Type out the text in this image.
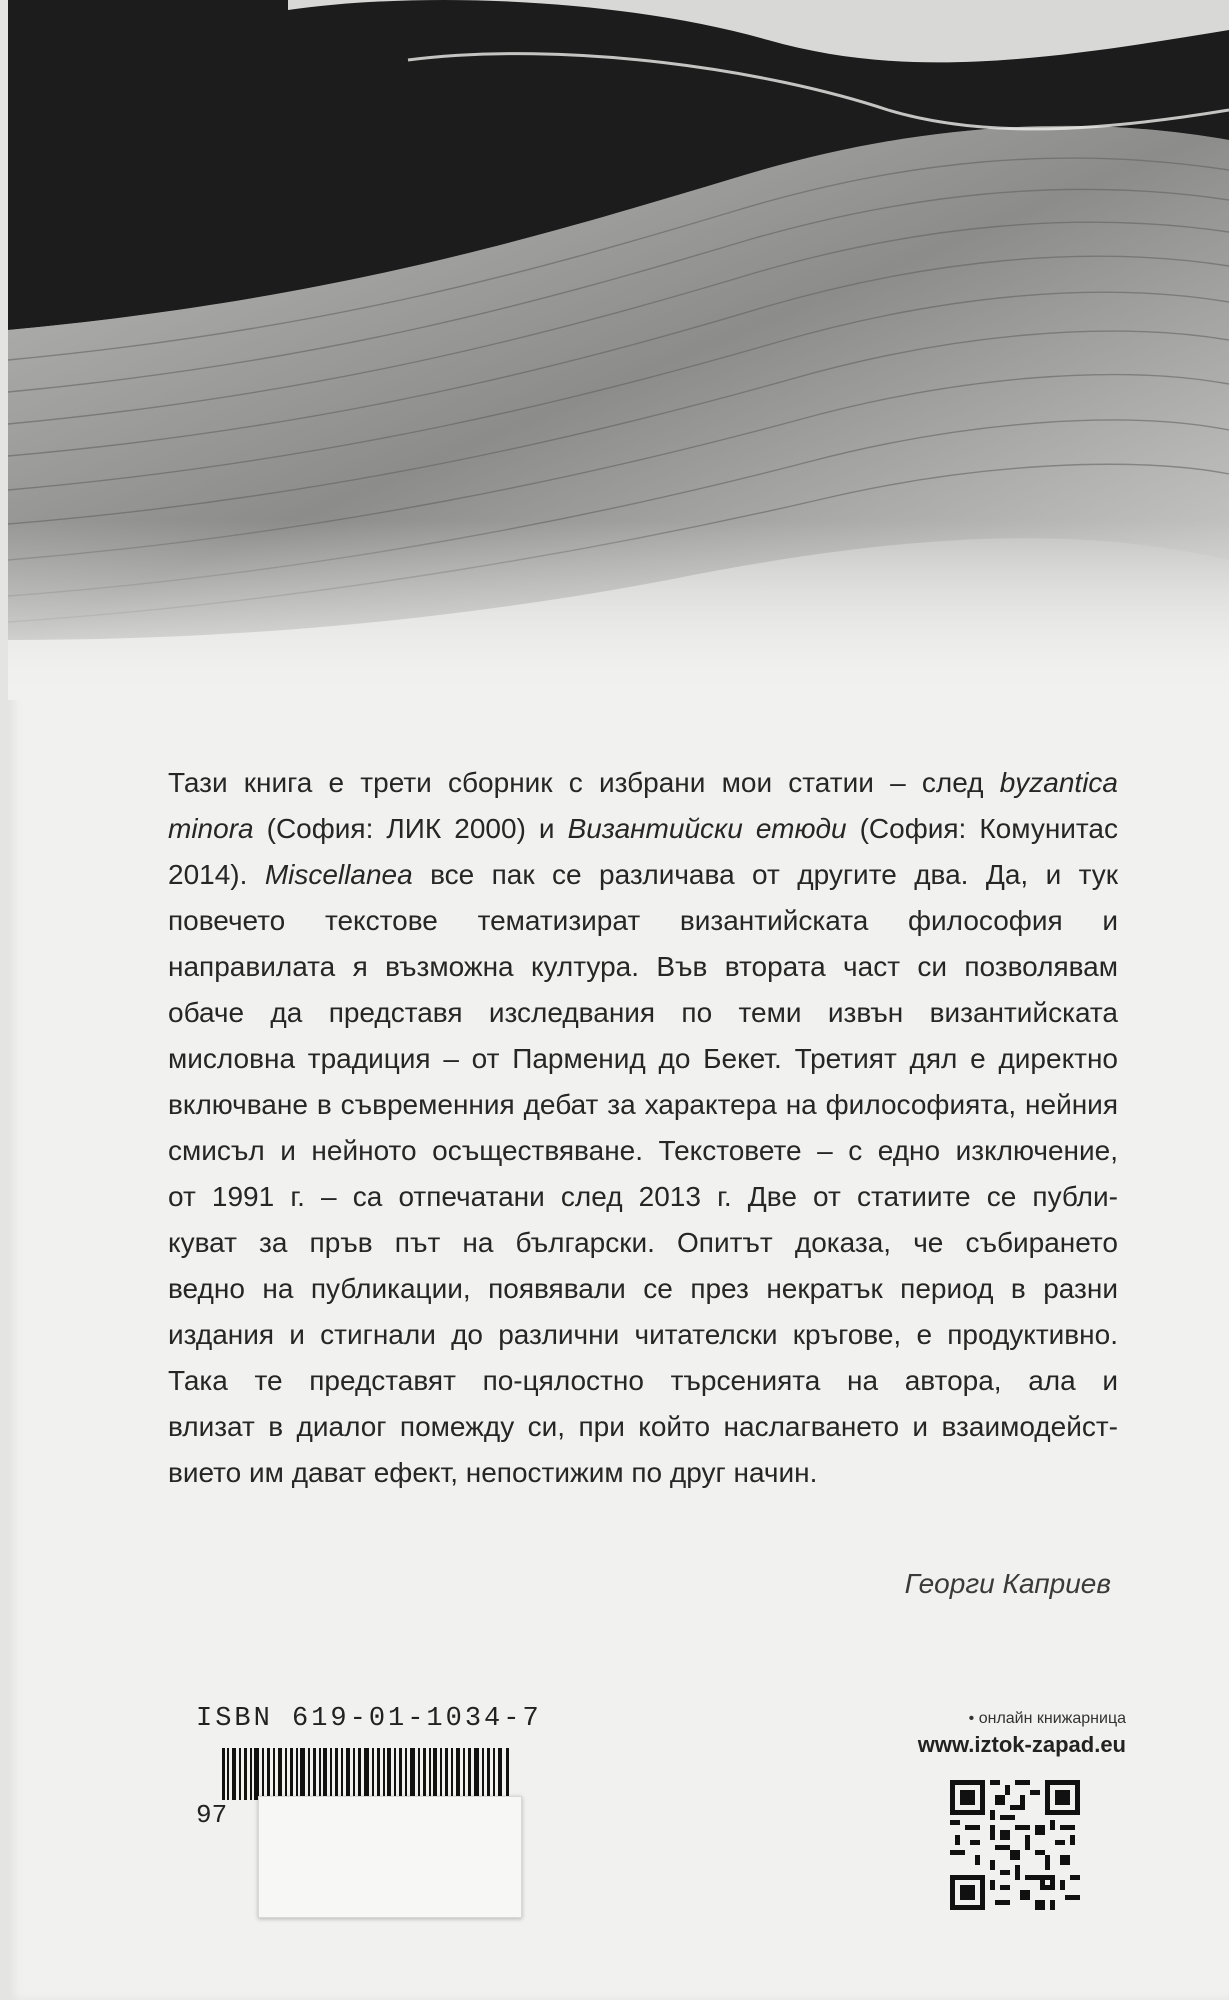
Тази книга е трети сборник с избрани мои статии – след byzantica
minora (София: ЛИК 2000) и Византийски етюди (София: Комунитас
2014). Miscellanea все пак се различава от другите два. Да, и тук
повечето текстове тематизират византийската философия и
направилата я възможна култура. Във втората част си позволявам
обаче да представя изследвания по теми извън византийската
мисловна традиция – от Парменид до Бекет. Третият дял е директно
включване в съвременния дебат за характера на философията, нейния
смисъл и нейното осъществяване. Текстовете – с едно изключение,
от 1991 г. – са отпечатани след 2013 г. Две от статиите се публи-
куват за пръв път на български. Опитът доказа, че събирането
ведно на публикации, появявали се през некратък период в разни
издания и стигнали до различни читателски кръгове, е продуктивно.
Така те представят по-цялостно търсенията на автора, ала и
влизат в диалог помежду си, при който наслагването и взаимодейст-
вието им дават ефект, непостижим по друг начин.
Георги Каприев
ISBN 619-01-1034-7
97
• онлайн книжарница
www.iztok-zapad.eu
